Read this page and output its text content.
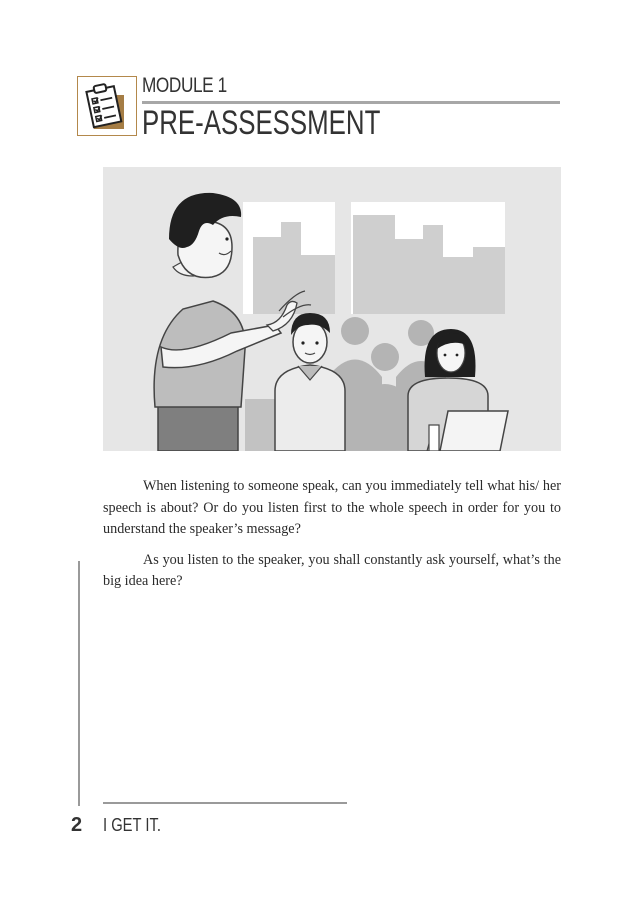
MODULE 1
PRE-ASSESSMENT

When listening to someone speak, can you immediately tell what his/ her speech is about? Or do you listen first to the whole speech in order for you to understand the speaker’s message?

As you listen to the speaker, you shall constantly ask yourself, what’s the big idea here?

2 I GET IT.
